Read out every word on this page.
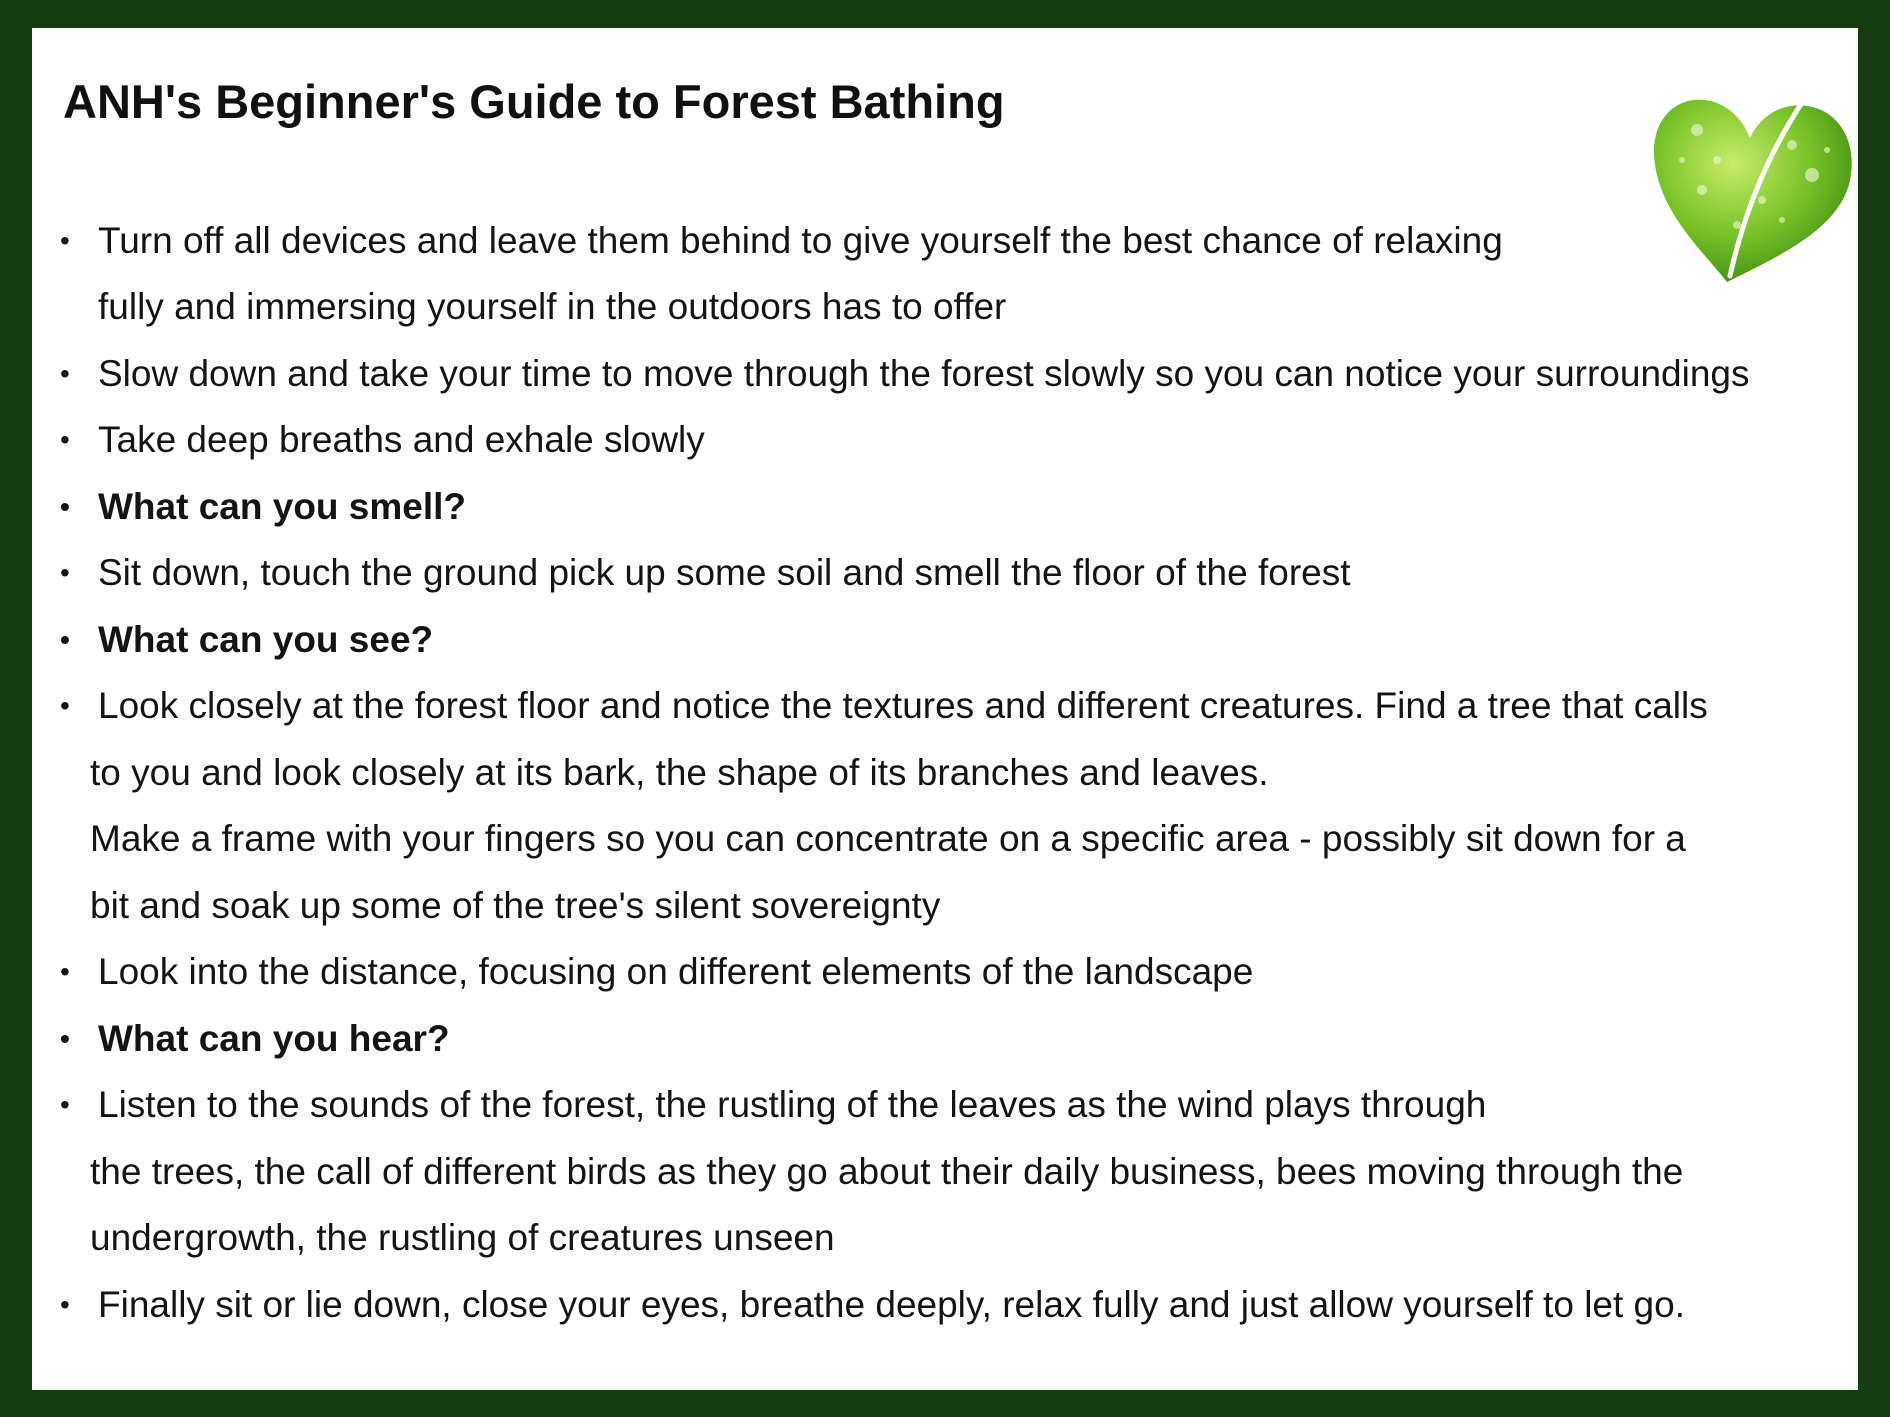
ANH's Beginner's Guide to Forest Bathing
• Turn off all devices and leave them behind to give yourself the best chance of relaxing
fully and immersing yourself in the outdoors has to offer
• Slow down and take your time to move through the forest slowly so you can notice your surroundings
• Take deep breaths and exhale slowly
• What can you smell?
• Sit down, touch the ground pick up some soil and smell the floor of the forest
• What can you see?
• Look closely at the forest floor and notice the textures and different creatures. Find a tree that calls
to you and look closely at its bark, the shape of its branches and leaves.
Make a frame with your fingers so you can concentrate on a specific area - possibly sit down for a
bit and soak up some of the tree's silent sovereignty
• Look into the distance, focusing on different elements of the landscape
• What can you hear?
• Listen to the sounds of the forest, the rustling of the leaves as the wind plays through
the trees, the call of different birds as they go about their daily business, bees moving through the
undergrowth, the rustling of creatures unseen
• Finally sit or lie down, close your eyes, breathe deeply, relax fully and just allow yourself to let go.
